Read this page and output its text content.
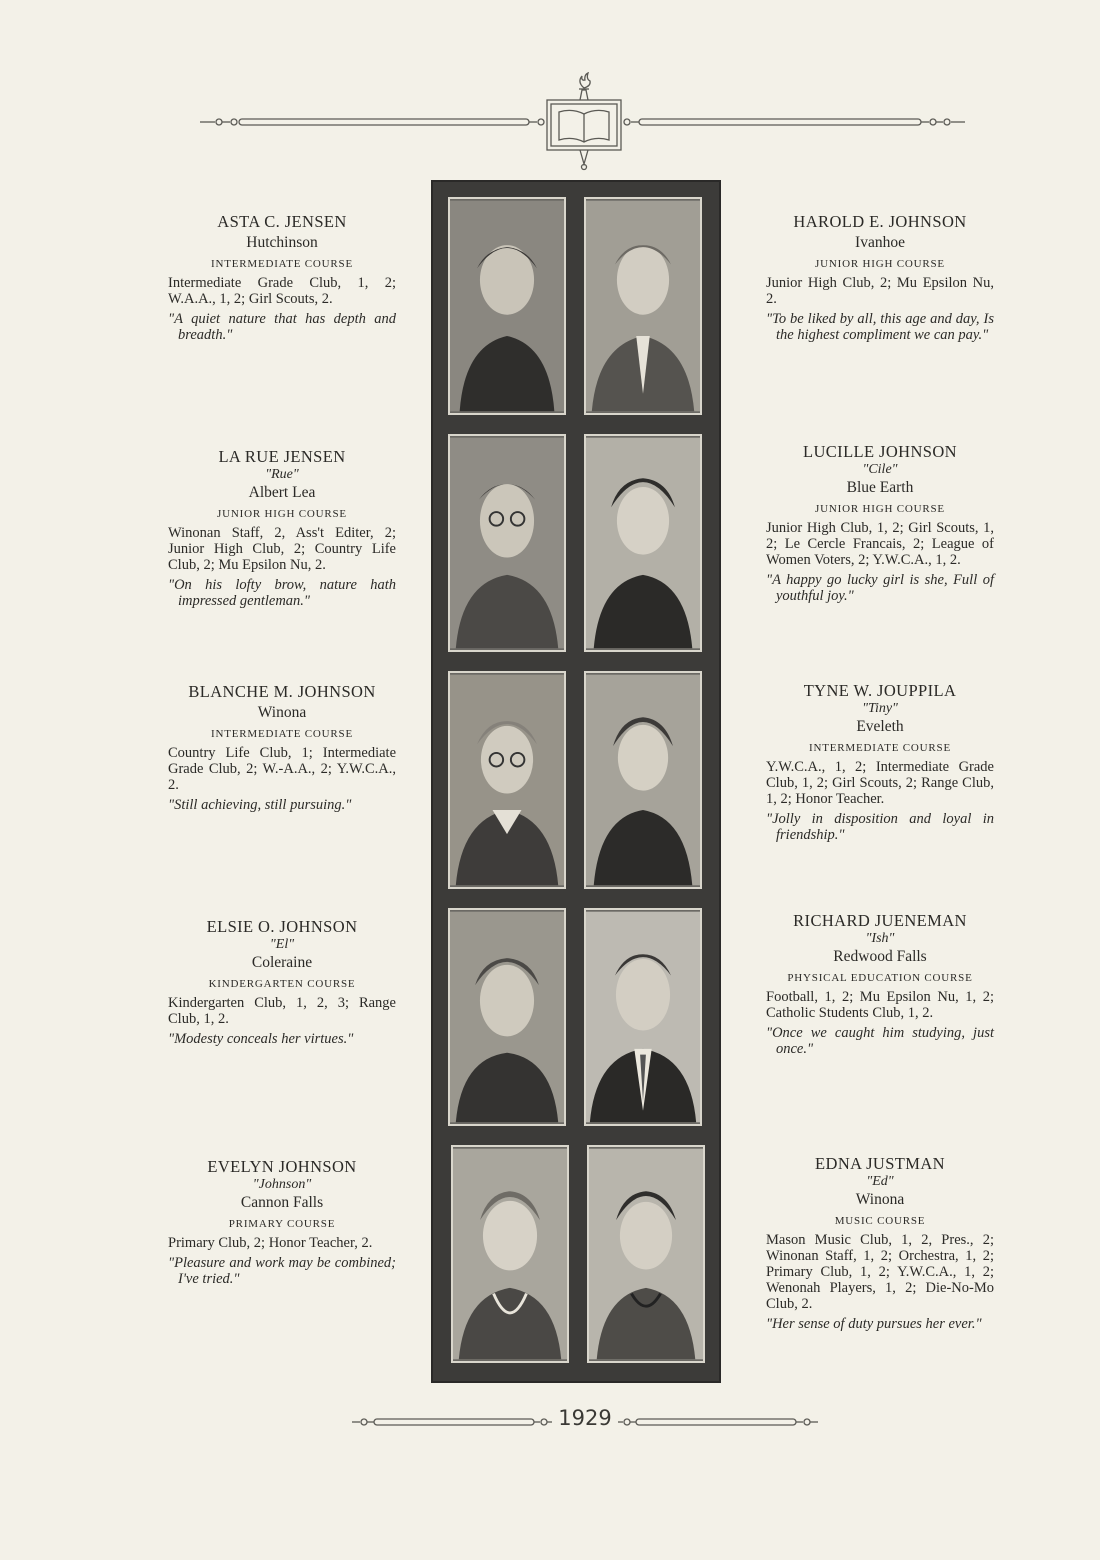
ASTA C. JENSEN
Hutchinson
INTERMEDIATE COURSE
Intermediate Grade Club, 1, 2; W.A.A., 1, 2; Girl Scouts, 2.
"A quiet nature that has depth and breadth."
LA RUE JENSEN
"Rue"
Albert Lea
JUNIOR HIGH COURSE
Winonan Staff, 2, Ass't Editer, 2; Junior High Club, 2; Country Life Club, 2; Mu Epsilon Nu, 2.
"On his lofty brow, nature hath impressed gentleman."
BLANCHE M. JOHNSON
Winona
INTERMEDIATE COURSE
Country Life Club, 1; Intermediate Grade Club, 2; W.-A.A., 2; Y.W.C.A., 2.
"Still achieving, still pursuing."
ELSIE O. JOHNSON
"El"
Coleraine
KINDERGARTEN COURSE
Kindergarten Club, 1, 2, 3; Range Club, 1, 2.
"Modesty conceals her virtues."
EVELYN JOHNSON
"Johnson"
Cannon Falls
PRIMARY COURSE
Primary Club, 2; Honor Teacher, 2.
"Pleasure and work may be combined; I've tried."
HAROLD E. JOHNSON
Ivanhoe
JUNIOR HIGH COURSE
Junior High Club, 2; Mu Epsilon Nu, 2.
"To be liked by all, this age and day, Is the highest compliment we can pay."
LUCILLE JOHNSON
"Cile"
Blue Earth
JUNIOR HIGH COURSE
Junior High Club, 1, 2; Girl Scouts, 1, 2; Le Cercle Francais, 2; League of Women Voters, 2; Y.W.C.A., 1, 2.
"A happy go lucky girl is she, Full of youthful joy."
TYNE W. JOUPPILA
"Tiny"
Eveleth
INTERMEDIATE COURSE
Y.W.C.A., 1, 2; Intermediate Grade Club, 1, 2; Girl Scouts, 2; Range Club, 1, 2; Honor Teacher.
"Jolly in disposition and loyal in friendship."
RICHARD JUENEMAN
"Ish"
Redwood Falls
PHYSICAL EDUCATION COURSE
Football, 1, 2; Mu Epsilon Nu, 1, 2; Catholic Students Club, 1, 2.
"Once we caught him studying, just once."
EDNA JUSTMAN
"Ed"
Winona
MUSIC COURSE
Mason Music Club, 1, 2, Pres., 2; Winonan Staff, 1, 2; Orchestra, 1, 2; Primary Club, 1, 2; Y.W.C.A., 1, 2; Wenonah Players, 1, 2; Die-No-Mo Club, 2.
"Her sense of duty pursues her ever."
1929
